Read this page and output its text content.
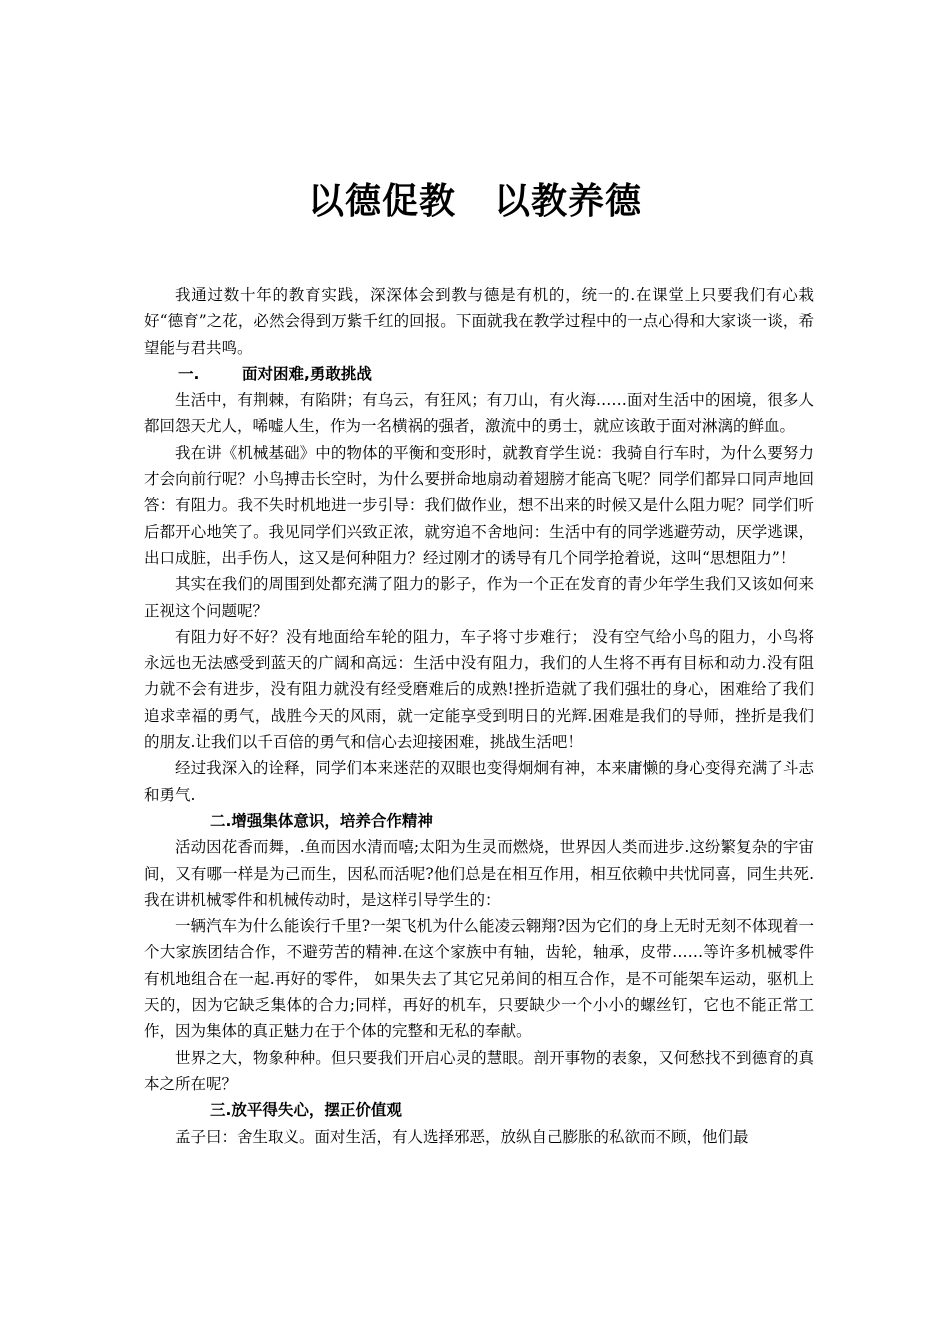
以德促教 以教养德

我通过数十年的教育实践，深深体会到教与德是有机的，统一的.在课堂上只要我们有心栽好“德育”之花，必然会得到万紫千红的回报。下面就我在教学过程中的一点心得和大家谈一谈，希望能与君共鸣。

一.	面对困难,勇敢挑战

生活中，有荆棘，有陷阱；有乌云，有狂风；有刀山，有火海……面对生活中的困境，很多人都回怨天尤人，唏嘘人生，作为一名横祸的强者，激流中的勇士，就应该敢于面对淋漓的鲜血。

我在讲《机械基础》中的物体的平衡和变形时，就教育学生说：我骑自行车时，为什么要努力才会向前行呢？小鸟搏击长空时，为什么要拼命地扇动着翅膀才能高飞呢？同学们都异口同声地回答：有阻力。我不失时机地进一步引导：我们做作业，想不出来的时候又是什么阻力呢？同学们听后都开心地笑了。我见同学们兴致正浓，就穷追不舍地问：生活中有的同学逃避劳动，厌学逃课，出口成脏，出手伤人，这又是何种阻力？经过刚才的诱导有几个同学抢着说，这叫“思想阻力”！

其实在我们的周围到处都充满了阻力的影子，作为一个正在发育的青少年学生我们又该如何来正视这个问题呢？

有阻力好不好？没有地面给车轮的阻力，车子将寸步难行； 没有空气给小鸟的阻力，小鸟将永远也无法感受到蓝天的广阔和高远：生活中没有阻力，我们的人生将不再有目标和动力.没有阻力就不会有进步，没有阻力就没有经受磨难后的成熟!挫折造就了我们强壮的身心，困难给了我们追求幸福的勇气，战胜今天的风雨，就一定能享受到明日的光辉.困难是我们的导师，挫折是我们的朋友.让我们以千百倍的勇气和信心去迎接困难，挑战生活吧！

经过我深入的诠释，同学们本来迷茫的双眼也变得炯炯有神，本来庸懒的身心变得充满了斗志和勇气.

二.增强集体意识，培养合作精神

活动因花香而舞，.鱼而因水清而嘻;太阳为生灵而燃烧，世界因人类而进步.这纷繁复杂的宇宙间，又有哪一样是为己而生，因私而活呢?他们总是在相互作用，相互依赖中共忧同喜，同生共死.我在讲机械零件和机械传动时，是这样引导学生的：

一辆汽车为什么能诶行千里?一架飞机为什么能凌云翱翔?因为它们的身上无时无刻不体现着一个大家族团结合作，不避劳苦的精神.在这个家族中有轴，齿轮，轴承，皮带……等许多机械零件有机地组合在一起.再好的零件， 如果失去了其它兄弟间的相互合作，是不可能架车运动，驱机上天的，因为它缺乏集体的合力;同样，再好的机车，只要缺少一个小小的螺丝钉，它也不能正常工作，因为集体的真正魅力在于个体的完整和无私的奉献。

世界之大，物象种种。但只要我们开启心灵的慧眼。剖开事物的表象，又何愁找不到德育的真本之所在呢？

三.放平得失心，摆正价值观

孟子曰：舍生取义。面对生活，有人选择邪恶，放纵自己膨胀的私欲而不顾，他们最
